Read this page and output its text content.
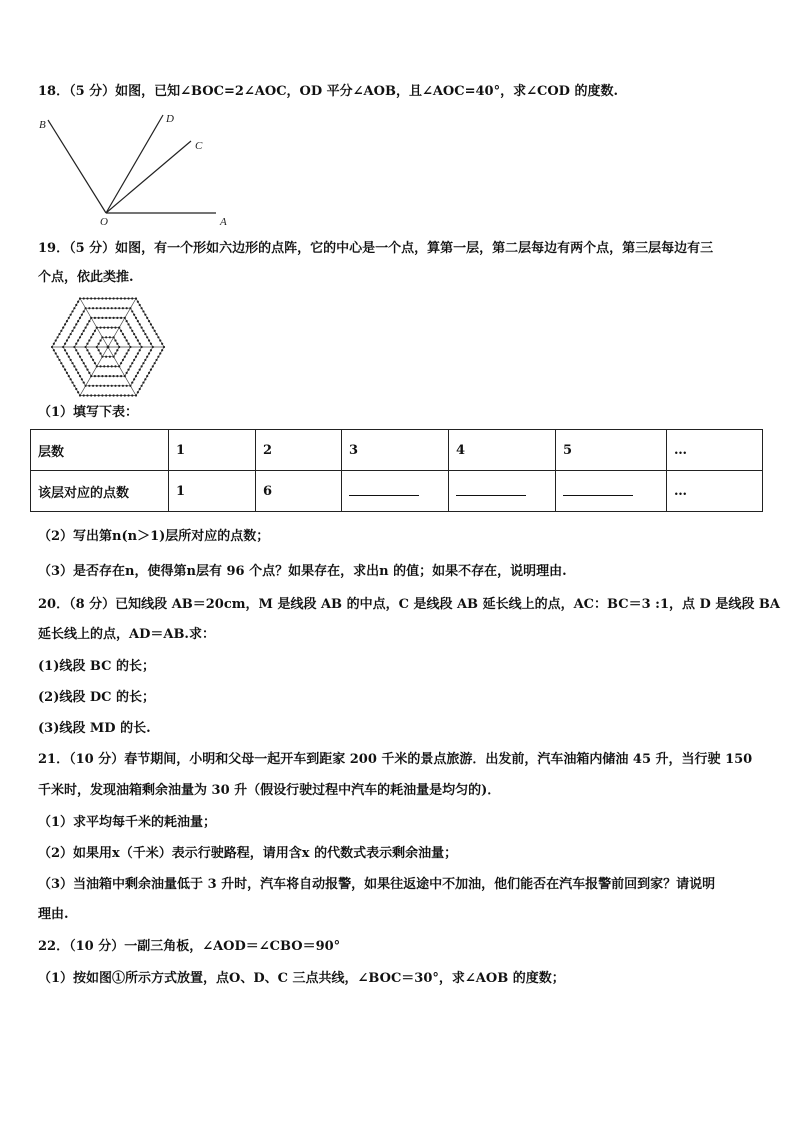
18．（5 分）如图，已知∠BOC=2∠AOC，OD 平分∠AOB，且∠AOC=40°，求∠COD 的度数.
B	D
C
O	A
19．（5 分）如图，有一个形如六边形的点阵，它的中心是一个点，算第一层，第二层每边有两个点，第三层每边有三
个点，依此类推.
（1）填写下表：
层数	1	2	3	4	5	…
该层对应的点数	1	6				…
（2）写出第n(n＞1)层所对应的点数；
（3）是否存在n，使得第n层有 96 个点？如果存在，求出n 的值；如果不存在，说明理由.
20．（8 分）已知线段 AB＝20cm，M 是线段 AB 的中点，C 是线段 AB 延长线上的点，AC：BC＝3 :1，点 D 是线段 BA
延长线上的点，AD＝AB.求：
(1)线段 BC 的长；
(2)线段 DC 的长；
(3)线段 MD 的长.
21．（10 分）春节期间，小明和父母一起开车到距家 200 千米的景点旅游．出发前，汽车油箱内储油 45 升，当行驶 150
千米时，发现油箱剩余油量为 30 升（假设行驶过程中汽车的耗油量是均匀的)．
（1）求平均每千米的耗油量；
（2）如果用x（千米）表示行驶路程，请用含x 的代数式表示剩余油量；
（3）当油箱中剩余油量低于 3 升时，汽车将自动报警，如果往返途中不加油，他们能否在汽车报警前回到家？请说明
理由.
22．（10 分）一副三角板，∠AOD＝∠CBO＝90°
（1）按如图①所示方式放置，点O、D、C 三点共线，∠BOC＝30°，求∠AOB 的度数；
